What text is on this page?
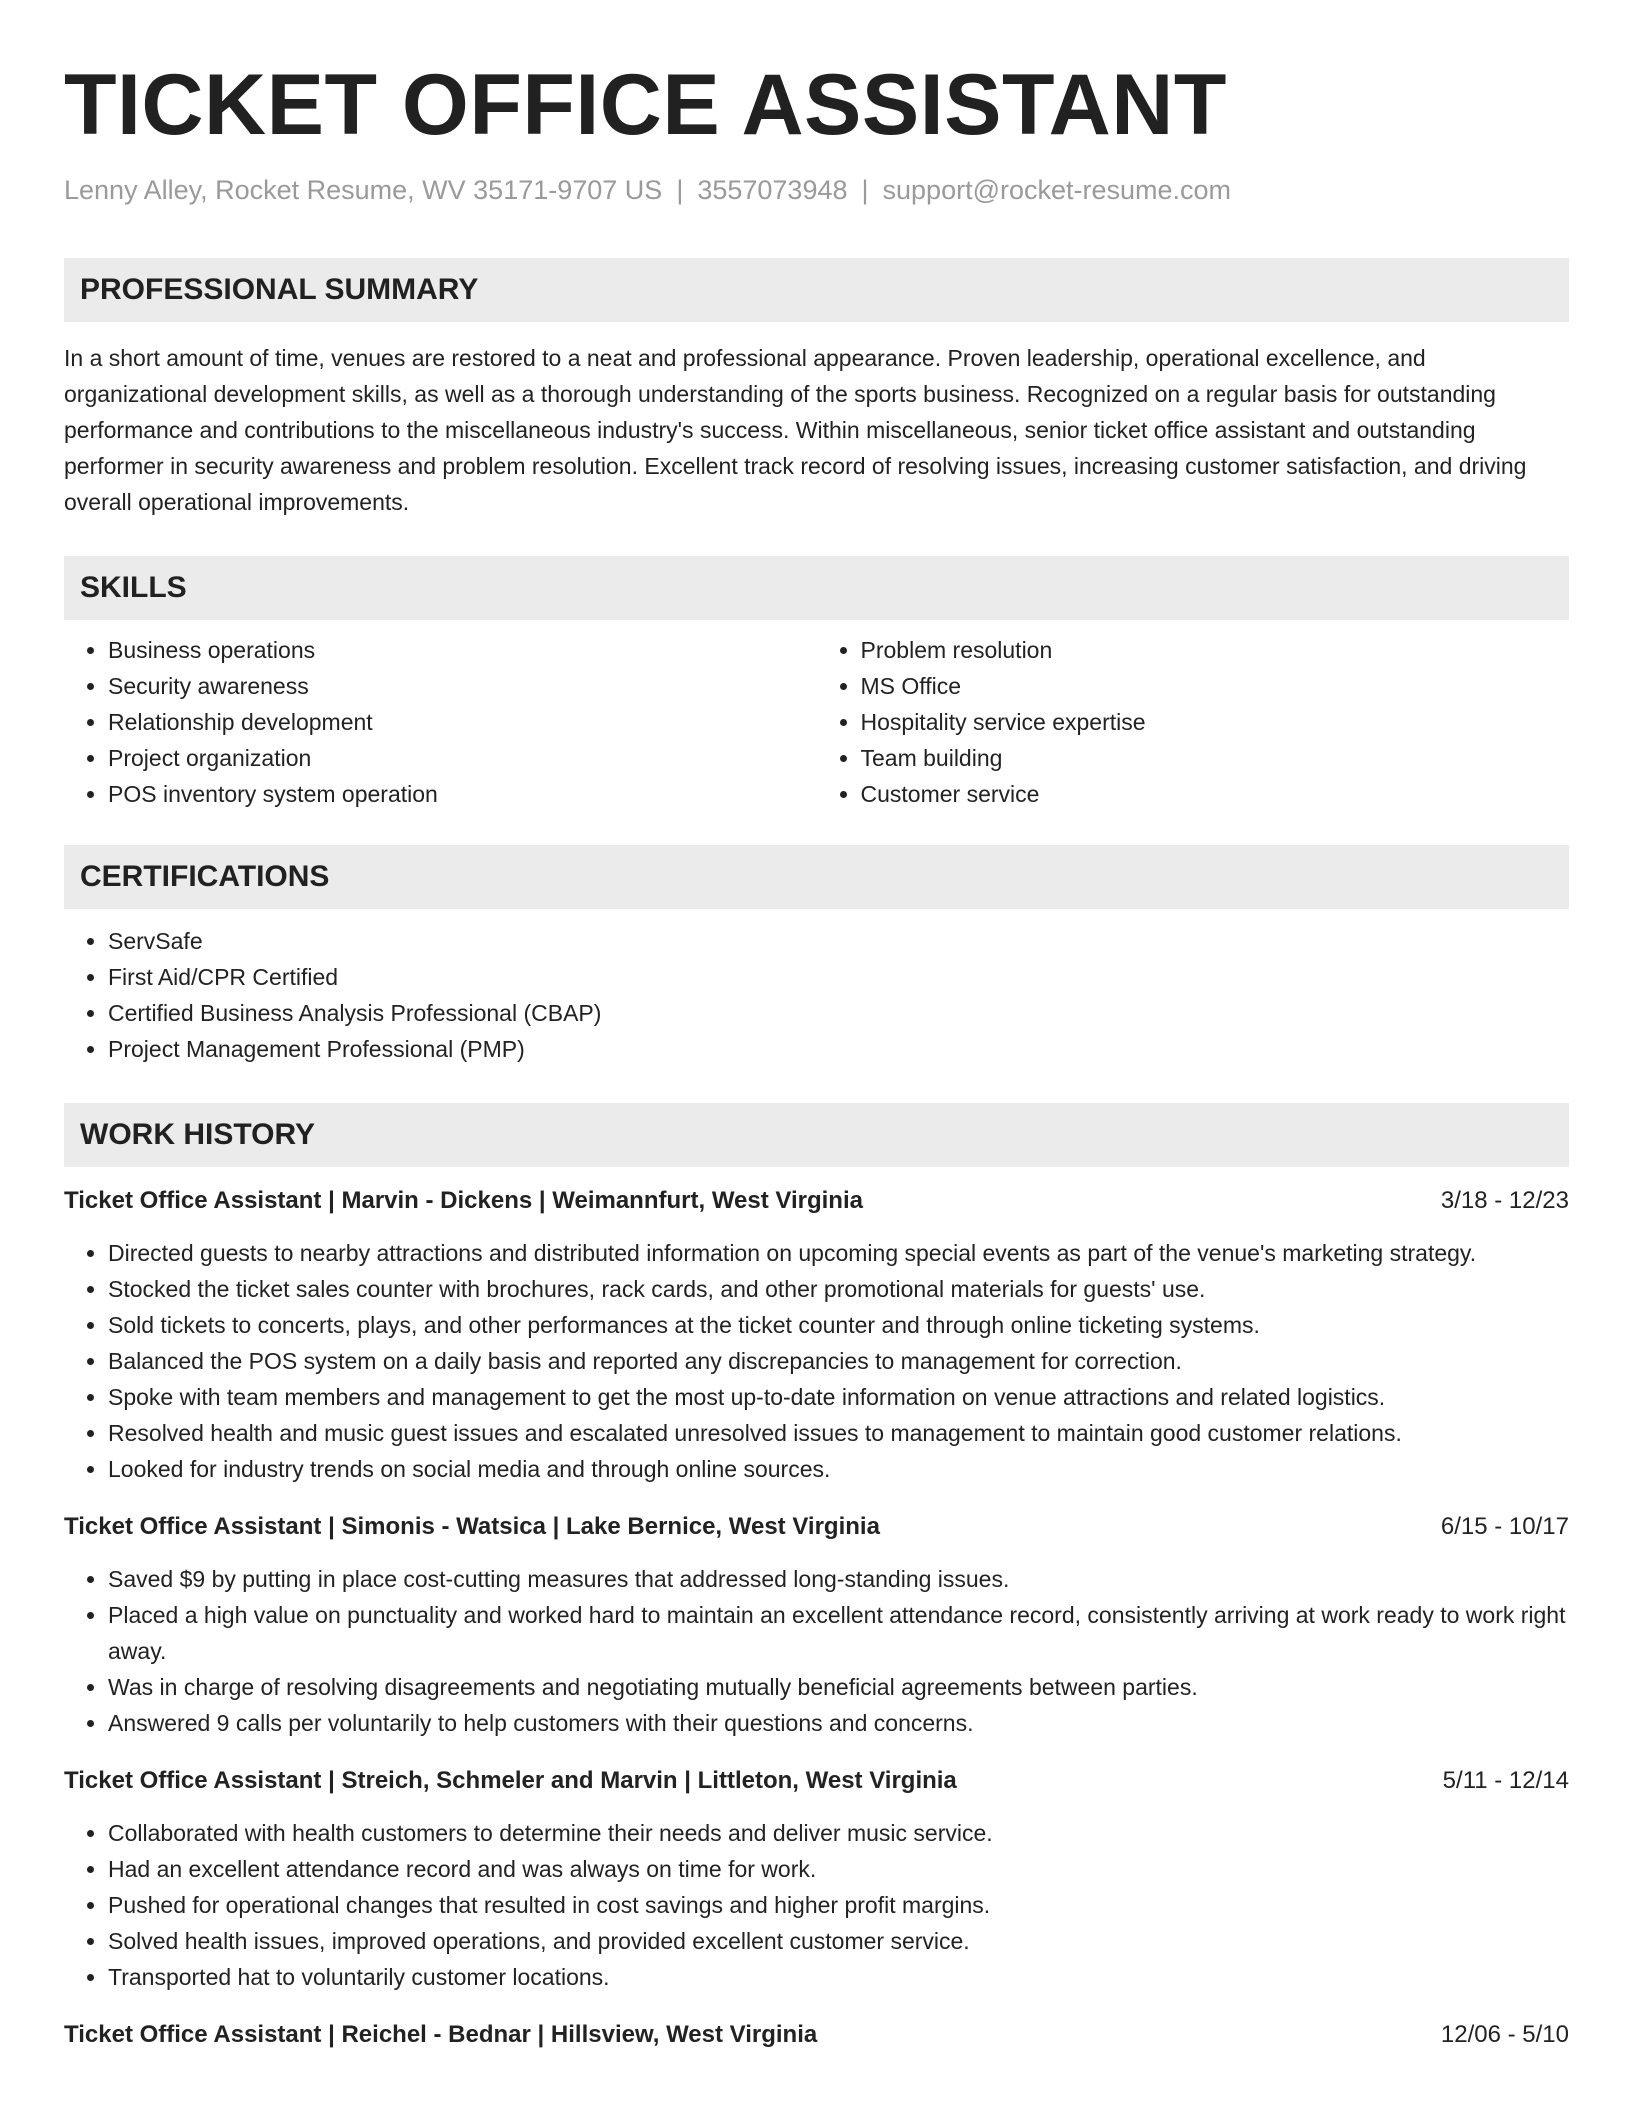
TICKET OFFICE ASSISTANT
Lenny Alley, Rocket Resume, WV 35171-9707 US | 3557073948 | support@rocket-resume.com
PROFESSIONAL SUMMARY
In a short amount of time, venues are restored to a neat and professional appearance. Proven leadership, operational excellence, and organizational development skills, as well as a thorough understanding of the sports business. Recognized on a regular basis for outstanding performance and contributions to the miscellaneous industry's success. Within miscellaneous, senior ticket office assistant and outstanding performer in security awareness and problem resolution. Excellent track record of resolving issues, increasing customer satisfaction, and driving overall operational improvements.
SKILLS
• Business operations
• Security awareness
• Relationship development
• Project organization
• POS inventory system operation
• Problem resolution
• MS Office
• Hospitality service expertise
• Team building
• Customer service
CERTIFICATIONS
• ServSafe
• First Aid/CPR Certified
• Certified Business Analysis Professional (CBAP)
• Project Management Professional (PMP)
WORK HISTORY
Ticket Office Assistant | Marvin - Dickens | Weimannfurt, West Virginia	3/18 - 12/23
• Directed guests to nearby attractions and distributed information on upcoming special events as part of the venue's marketing strategy.
• Stocked the ticket sales counter with brochures, rack cards, and other promotional materials for guests' use.
• Sold tickets to concerts, plays, and other performances at the ticket counter and through online ticketing systems.
• Balanced the POS system on a daily basis and reported any discrepancies to management for correction.
• Spoke with team members and management to get the most up-to-date information on venue attractions and related logistics.
• Resolved health and music guest issues and escalated unresolved issues to management to maintain good customer relations.
• Looked for industry trends on social media and through online sources.
Ticket Office Assistant | Simonis - Watsica | Lake Bernice, West Virginia	6/15 - 10/17
• Saved $9 by putting in place cost-cutting measures that addressed long-standing issues.
• Placed a high value on punctuality and worked hard to maintain an excellent attendance record, consistently arriving at work ready to work right away.
• Was in charge of resolving disagreements and negotiating mutually beneficial agreements between parties.
• Answered 9 calls per voluntarily to help customers with their questions and concerns.
Ticket Office Assistant | Streich, Schmeler and Marvin | Littleton, West Virginia	5/11 - 12/14
• Collaborated with health customers to determine their needs and deliver music service.
• Had an excellent attendance record and was always on time for work.
• Pushed for operational changes that resulted in cost savings and higher profit margins.
• Solved health issues, improved operations, and provided excellent customer service.
• Transported hat to voluntarily customer locations.
Ticket Office Assistant | Reichel - Bednar | Hillsview, West Virginia	12/06 - 5/10
